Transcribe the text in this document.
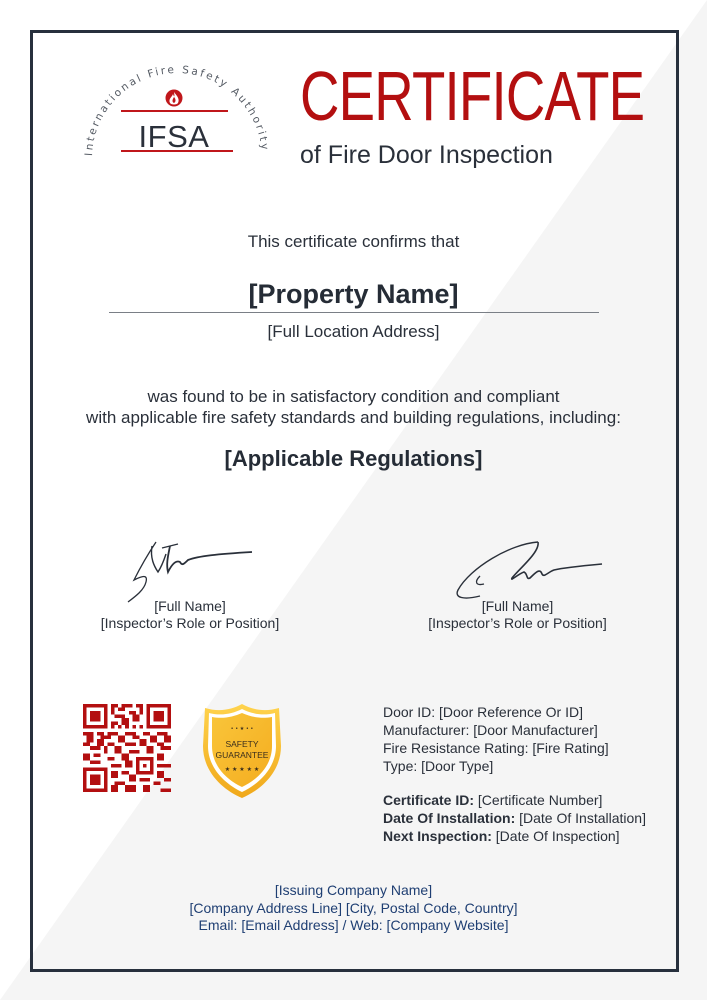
International Fire Safety Authority
IFSA
CERTIFICATE
of Fire Door Inspection
This certificate confirms that
[Property Name]
[Full Location Address]
was found to be in satisfactory condition and compliant
with applicable fire safety standards and building regulations, including:
[Applicable Regulations]
[Full Name]
[Inspector’s Role or Position]
[Full Name]
[Inspector’s Role or Position]
• • ★ • •
SAFETY
GUARANTEE
★ ★ ★ ★ ★
Door ID: [Door Reference Or ID]
Manufacturer: [Door Manufacturer]
Fire Resistance Rating: [Fire Rating]
Type: [Door Type]
Certificate ID: [Certificate Number]
Date Of Installation: [Date Of Installation]
Next Inspection: [Date Of Inspection]
[Issuing Company Name]
[Company Address Line] [City, Postal Code, Country]
Email: [Email Address] / Web: [Company Website]
